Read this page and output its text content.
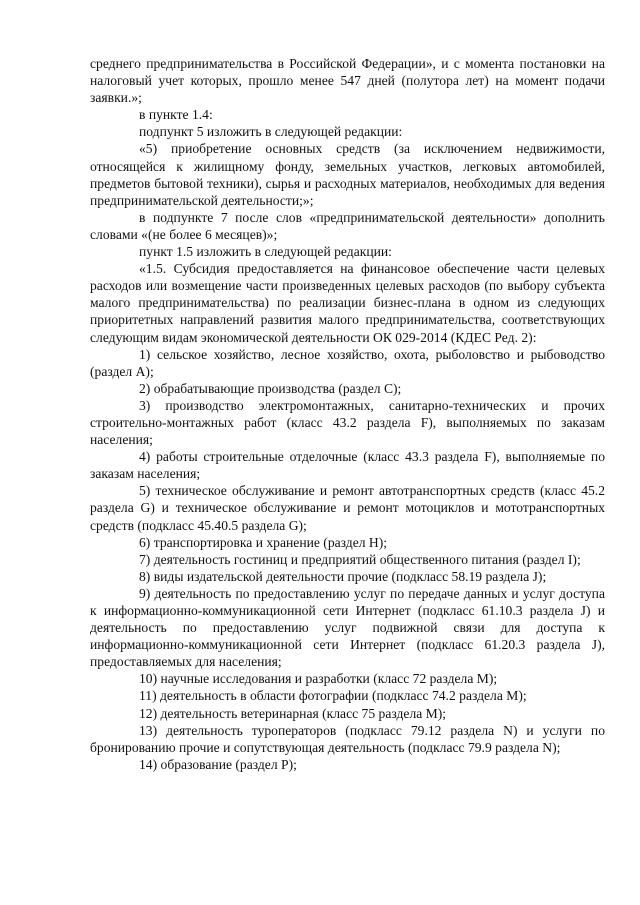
среднего предпринимательства в Российской Федерации», и с момента постановки на налоговый учет которых, прошло менее 547 дней (полутора лет) на момент подачи заявки.»;

в пункте 1.4:

подпункт 5 изложить в следующей редакции:

«5) приобретение основных средств (за исключением недвижимости, относящейся к жилищному фонду, земельных участков, легковых автомобилей, предметов бытовой техники), сырья и расходных материалов, необходимых для ведения предпринимательской деятельности;»;

в подпункте 7 после слов «предпринимательской деятельности» дополнить словами «(не более 6 месяцев)»;

пункт 1.5 изложить в следующей редакции:

«1.5. Субсидия предоставляется на финансовое обеспечение части целевых расходов или возмещение части произведенных целевых расходов (по выбору субъекта малого предпринимательства) по реализации бизнес-плана в одном из следующих приоритетных направлений развития малого предпринимательства, соответствующих следующим видам экономической деятельности ОК 029-2014 (КДЕС Ред. 2):

1) сельское хозяйство, лесное хозяйство, охота, рыболовство и рыбоводство (раздел А);

2) обрабатывающие производства (раздел С);

3) производство электромонтажных, санитарно-технических и прочих строительно-монтажных работ (класс 43.2 раздела F), выполняемых по заказам населения;

4) работы строительные отделочные (класс 43.3 раздела F), выполняемые по заказам населения;

5) техническое обслуживание и ремонт автотранспортных средств (класс 45.2 раздела G) и техническое обслуживание и ремонт мотоциклов и мототранспортных средств (подкласс 45.40.5 раздела G);

6) транспортировка и хранение (раздел H);

7) деятельность гостиниц и предприятий общественного питания (раздел I);

8) виды издательской деятельности прочие (подкласс 58.19 раздела J);

9) деятельность по предоставлению услуг по передаче данных и услуг доступа к информационно-коммуникационной сети Интернет (подкласс 61.10.3 раздела J) и деятельность по предоставлению услуг подвижной связи для доступа к информационно-коммуникационной сети Интернет (подкласс 61.20.3 раздела J), предоставляемых для населения;

10) научные исследования и разработки (класс 72 раздела M);

11) деятельность в области фотографии (подкласс 74.2 раздела M);

12) деятельность ветеринарная (класс 75 раздела M);

13) деятельность туроператоров (подкласс 79.12 раздела N) и услуги по бронированию прочие и сопутствующая деятельность (подкласс 79.9 раздела N);

14) образование (раздел P);
